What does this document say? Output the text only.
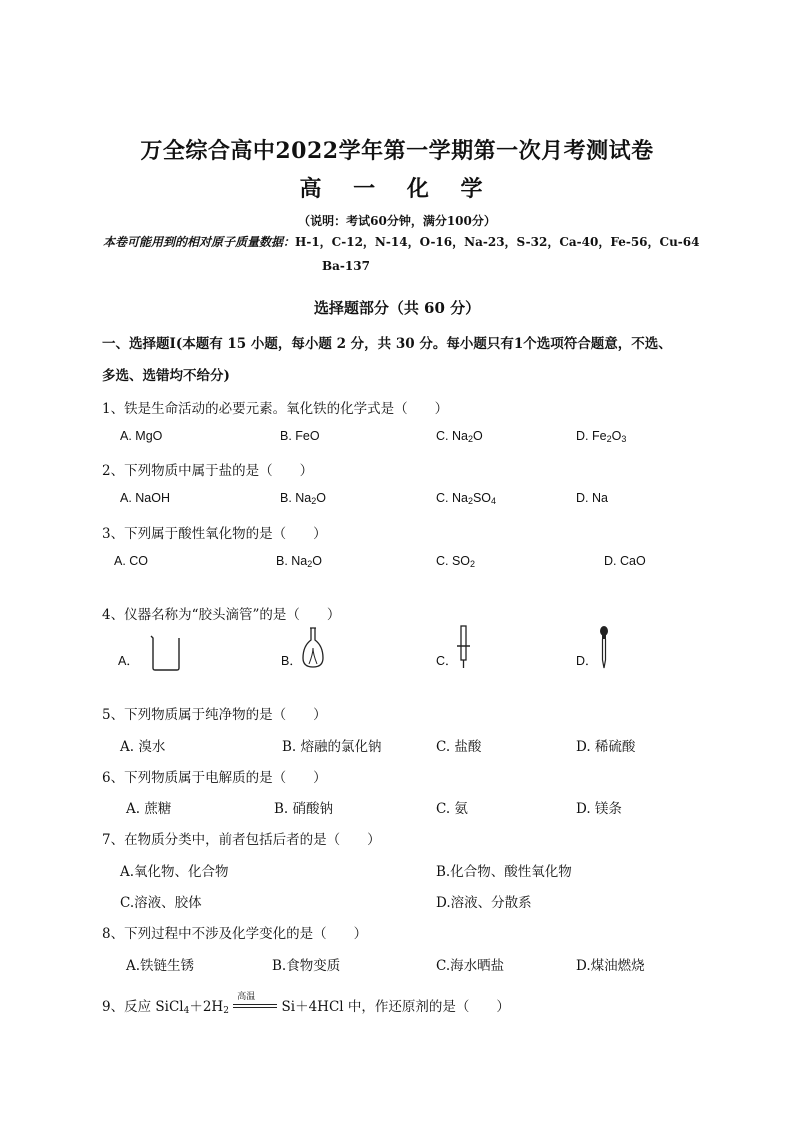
万全综合高中2022学年第一学期第一次月考测试卷
高 一 化 学
（说明：考试60分钟，满分100分）
本卷可能用到的相对原子质量数据：H-1，C-12，N-14，O-16，Na-23，S-32，Ca-40，Fe-56，Cu-64
Ba-137
选择题部分（共 60 分）
一、选择题Ⅰ(本题有 15 小题，每小题 2 分，共 30 分。每小题只有1个选项符合题意，不选、
多选、选错均不给分)
1、铁是生命活动的必要元素。氧化铁的化学式是（　　）
A. MgO	B. FeO	C. $Na_2O$	D. $Fe_2O_3$
2、下列物质中属于盐的是（　　）
A. NaOH	B. $Na_2O$	C. $Na_2SO_4$	D. Na
3、下列属于酸性氧化物的是（　　）
A. CO	B. $Na_2O$	C. $SO_2$	D. CaO
4、仪器名称为“胶头滴管”的是（　　）
A．	B．	C．	D．
5、下列物质属于纯净物的是（　　）
A. 溴水	B. 熔融的氯化钠	C. 盐酸	D. 稀硫酸
6、下列物质属于电解质的是（　　）
A. 蔗糖	B. 硝酸钠	C. 氨	D. 镁条
7、在物质分类中，前者包括后者的是（　　）
A.氧化物、化合物	B.化合物、酸性氧化物
C.溶液、胶体	D.溶液、分散系
8、下列过程中不涉及化学变化的是（　　）
A.铁链生锈	B.食物变质	C.海水晒盐	D.煤油燃烧
9、反应 $SiCl_4+2H_2$
高温
Si＋4HCl 中，作还原剂的是（　　）
